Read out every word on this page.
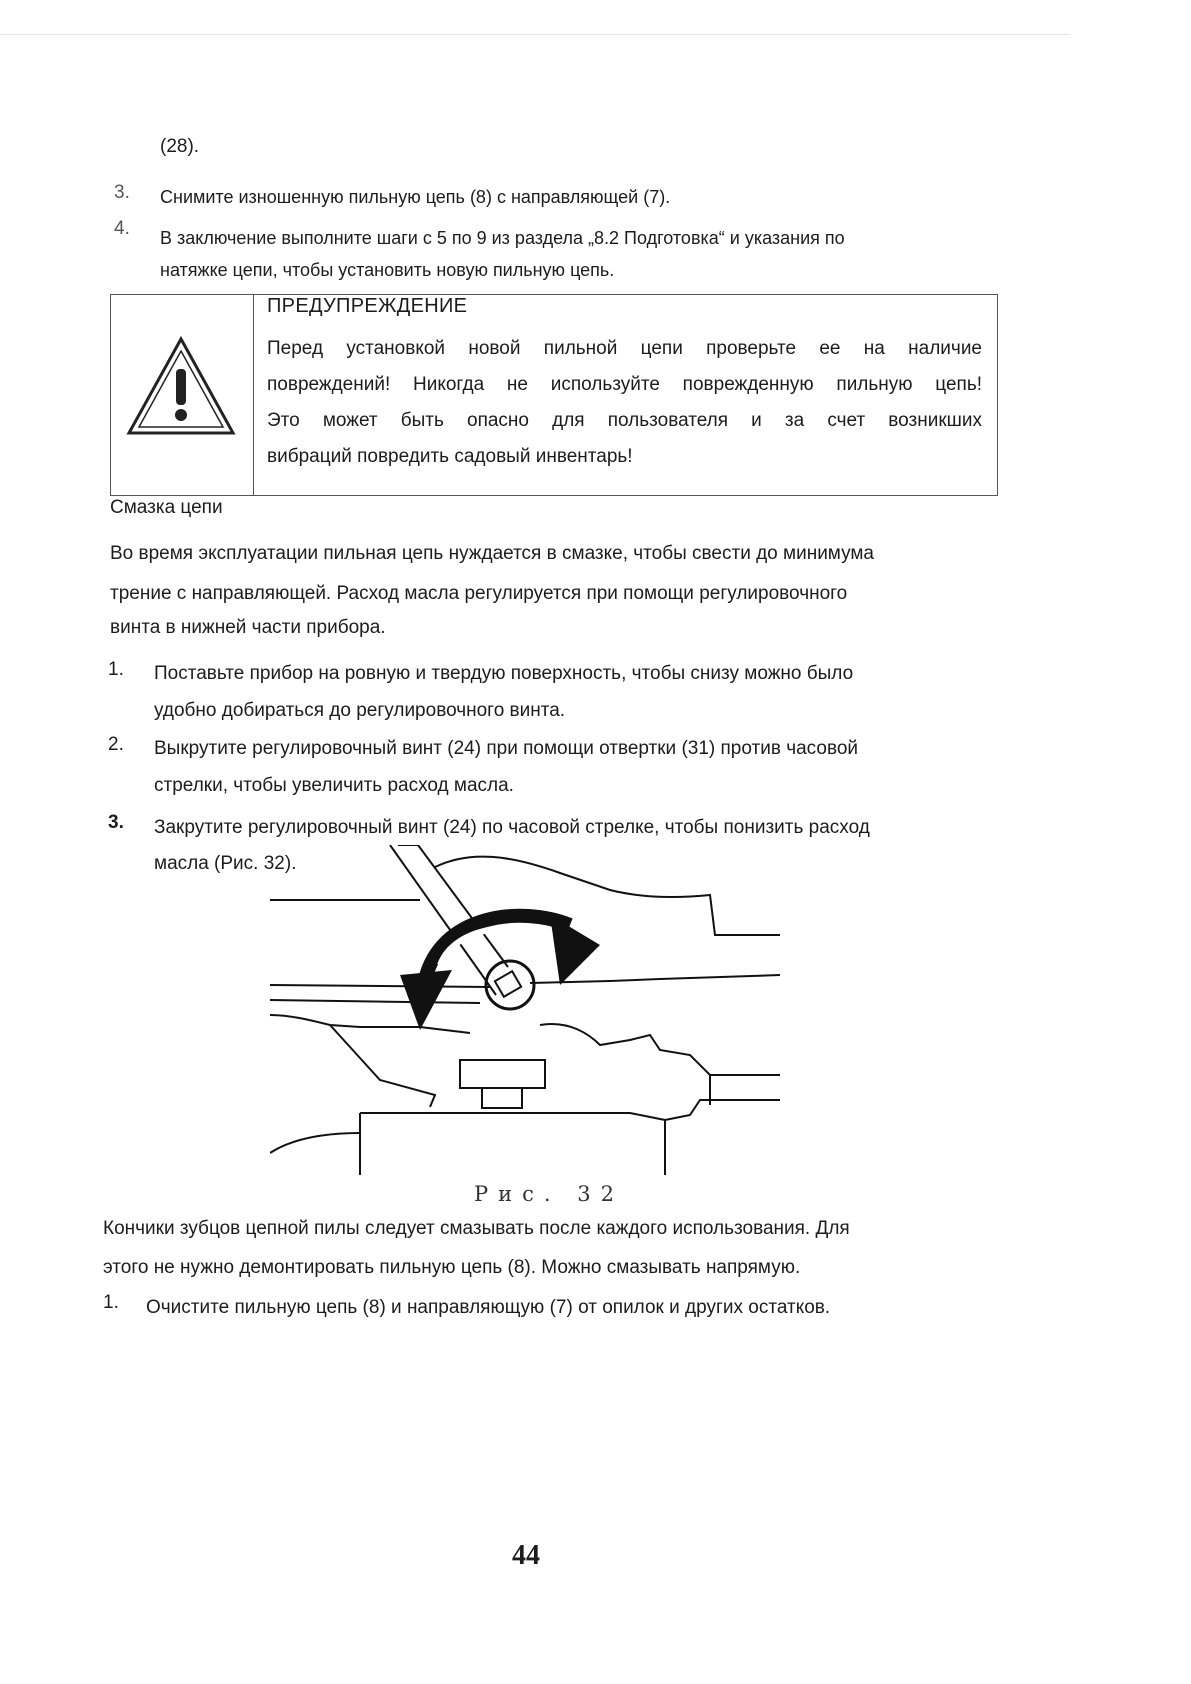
(28).

3. Снимите изношенную пильную цепь (8) с направляющей (7).

4. В заключение выполните шаги с 5 по 9 из раздела „8.2 Подготовка“ и указания по

натяжке цепи, чтобы установить новую пильную цепь.

ПРЕДУПРЕЖДЕНИЕ
Перед установкой новой пильной цепи проверьте ее на наличие
повреждений! Никогда не используйте поврежденную пильную цепь!
Это может быть опасно для пользователя и за счет возникших
вибраций повредить садовый инвентарь!

Смазка цепи

Во время эксплуатации пильная цепь нуждается в смазке, чтобы свести до минимума

трение с направляющей. Расход масла регулируется при помощи регулировочного

винта в нижней части прибора.

1. Поставьте прибор на ровную и твердую поверхность, чтобы снизу можно было

удобно добираться до регулировочного винта.

2. Выкрутите регулировочный винт (24) при помощи отвертки (31) против часовой

стрелки, чтобы увеличить расход масла.

3. Закрутите регулировочный винт (24) по часовой стрелке, чтобы понизить расход

масла (Рис. 32).

Рис. 32

Кончики зубцов цепной пилы следует смазывать после каждого использования. Для

этого не нужно демонтировать пильную цепь (8). Можно смазывать напрямую.

1. Очистите пильную цепь (8) и направляющую (7) от опилок и других остатков.

44
